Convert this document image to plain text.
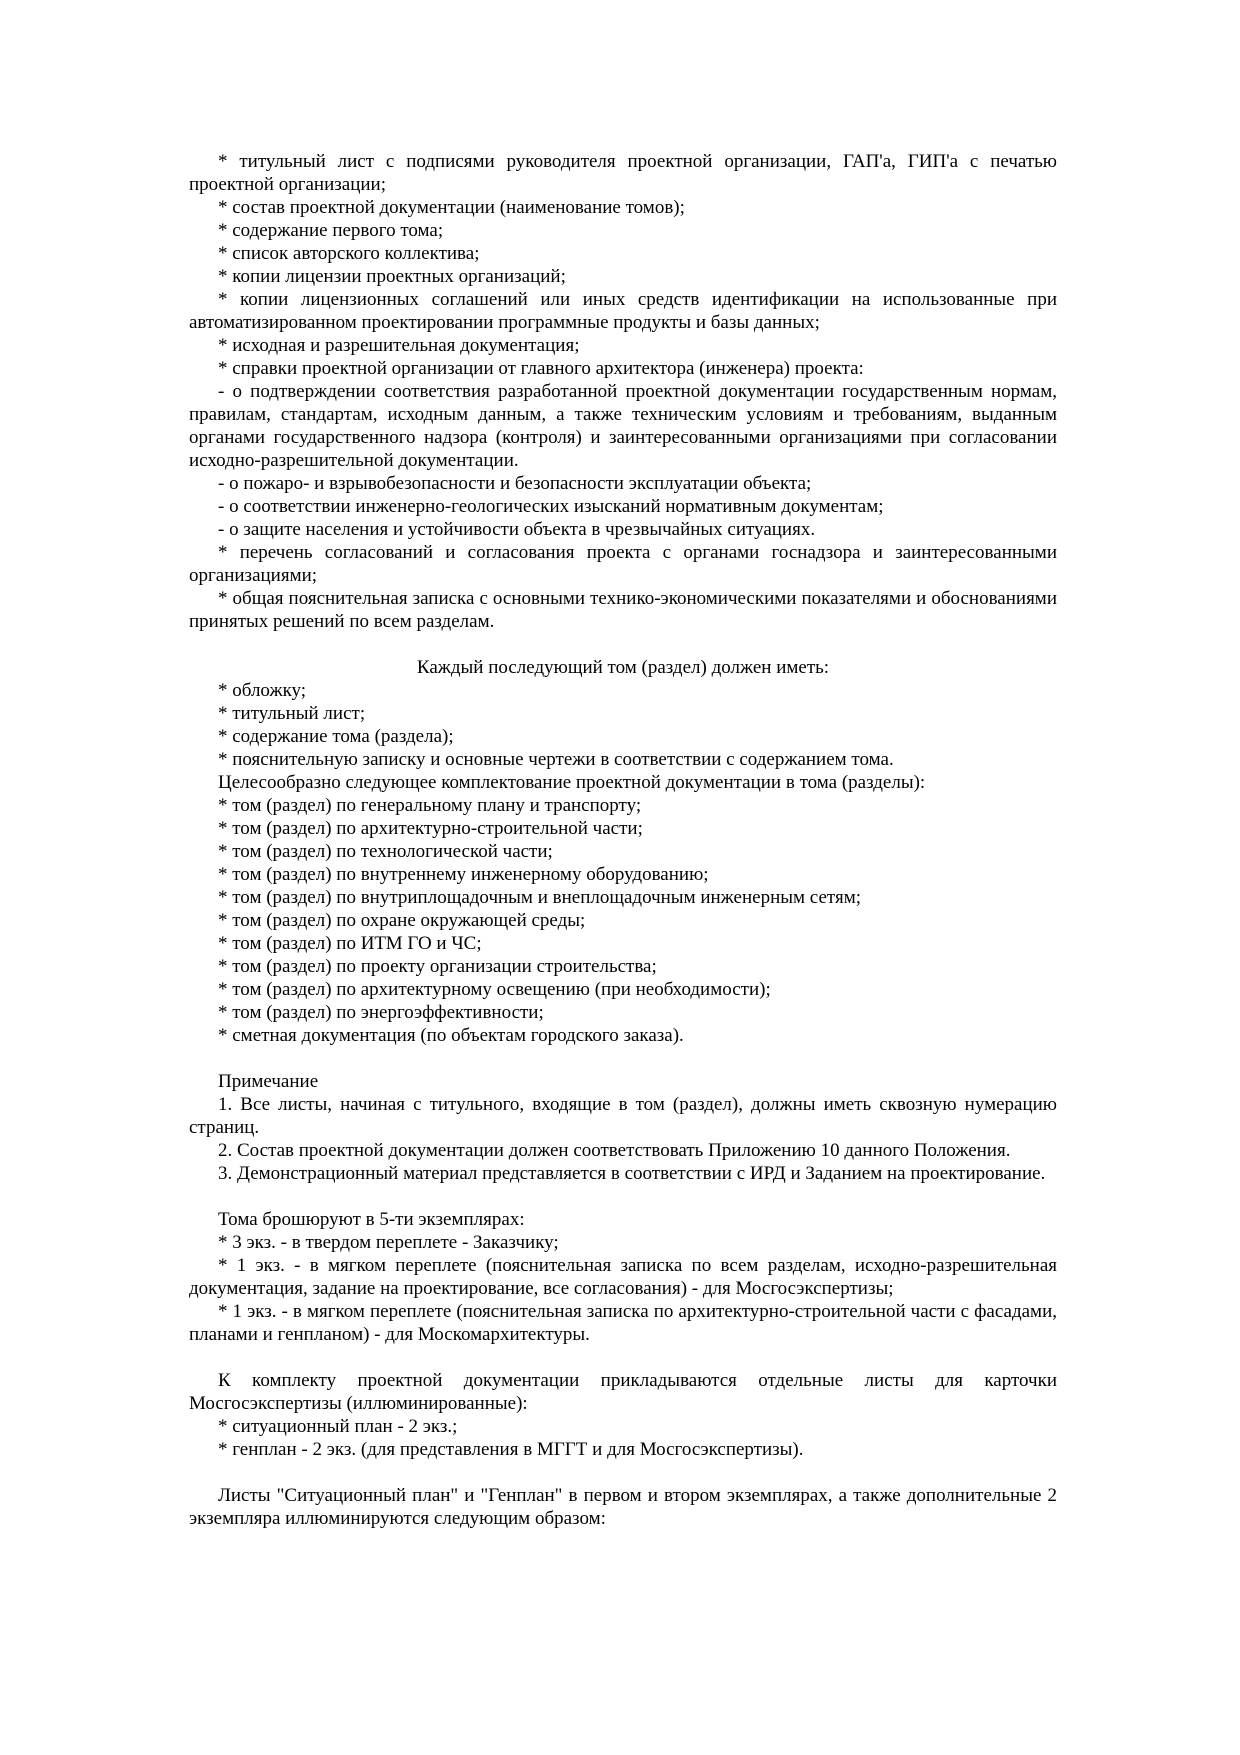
* титульный лист с подписями руководителя проектной организации, ГАП'а, ГИП'а с печатью проектной организации;

* состав проектной документации (наименование томов);

* содержание первого тома;

* список авторского коллектива;

* копии лицензии проектных организаций;

* копии лицензионных соглашений или иных средств идентификации на использованные при автоматизированном проектировании программные продукты и базы данных;

* исходная и разрешительная документация;

* справки проектной организации от главного архитектора (инженера) проекта:

- о подтверждении соответствия разработанной проектной документации государственным нормам, правилам, стандартам, исходным данным, а также техническим условиям и требованиям, выданным органами государственного надзора (контроля) и заинтересованными организациями при согласовании исходно-разрешительной документации.

- о пожаро- и взрывобезопасности и безопасности эксплуатации объекта;

- о соответствии инженерно-геологических изысканий нормативным документам;

- о защите населения и устойчивости объекта в чрезвычайных ситуациях.

* перечень согласований и согласования проекта с органами госнадзора и заинтересованными организациями;

* общая пояснительная записка с основными технико-экономическими показателями и обоснованиями принятых решений по всем разделам.

Каждый последующий том (раздел) должен иметь:

* обложку;

* титульный лист;

* содержание тома (раздела);

* пояснительную записку и основные чертежи в соответствии с содержанием тома.

Целесообразно следующее комплектование проектной документации в тома (разделы):

* том (раздел) по генеральному плану и транспорту;

* том (раздел) по архитектурно-строительной части;

* том (раздел) по технологической части;

* том (раздел) по внутреннему инженерному оборудованию;

* том (раздел) по внутриплощадочным и внеплощадочным инженерным сетям;

* том (раздел) по охране окружающей среды;

* том (раздел) по ИТМ ГО и ЧС;

* том (раздел) по проекту организации строительства;

* том (раздел) по архитектурному освещению (при необходимости);

* том (раздел) по энергоэффективности;

* сметная документация (по объектам городского заказа).

Примечание

1. Все листы, начиная с титульного, входящие в том (раздел), должны иметь сквозную нумерацию страниц.

2. Состав проектной документации должен соответствовать Приложению 10 данного Положения.

3. Демонстрационный материал представляется в соответствии с ИРД и Заданием на проектирование.

Тома брошюруют в 5-ти экземплярах:

* 3 экз. - в твердом переплете - Заказчику;

* 1 экз. - в мягком переплете (пояснительная записка по всем разделам, исходно-разрешительная документация, задание на проектирование, все согласования) - для Мосгосэкспертизы;

* 1 экз. - в мягком переплете (пояснительная записка по архитектурно-строительной части с фасадами, планами и генпланом) - для Москомархитектуры.

К комплекту проектной документации прикладываются отдельные листы для карточки Мосгосэкспертизы (иллюминированные):

* ситуационный план - 2 экз.;

* генплан - 2 экз. (для представления в МГГТ и для Мосгосэкспертизы).

Листы "Ситуационный план" и "Генплан" в первом и втором экземплярах, а также дополнительные 2 экземпляра иллюминируются следующим образом:
